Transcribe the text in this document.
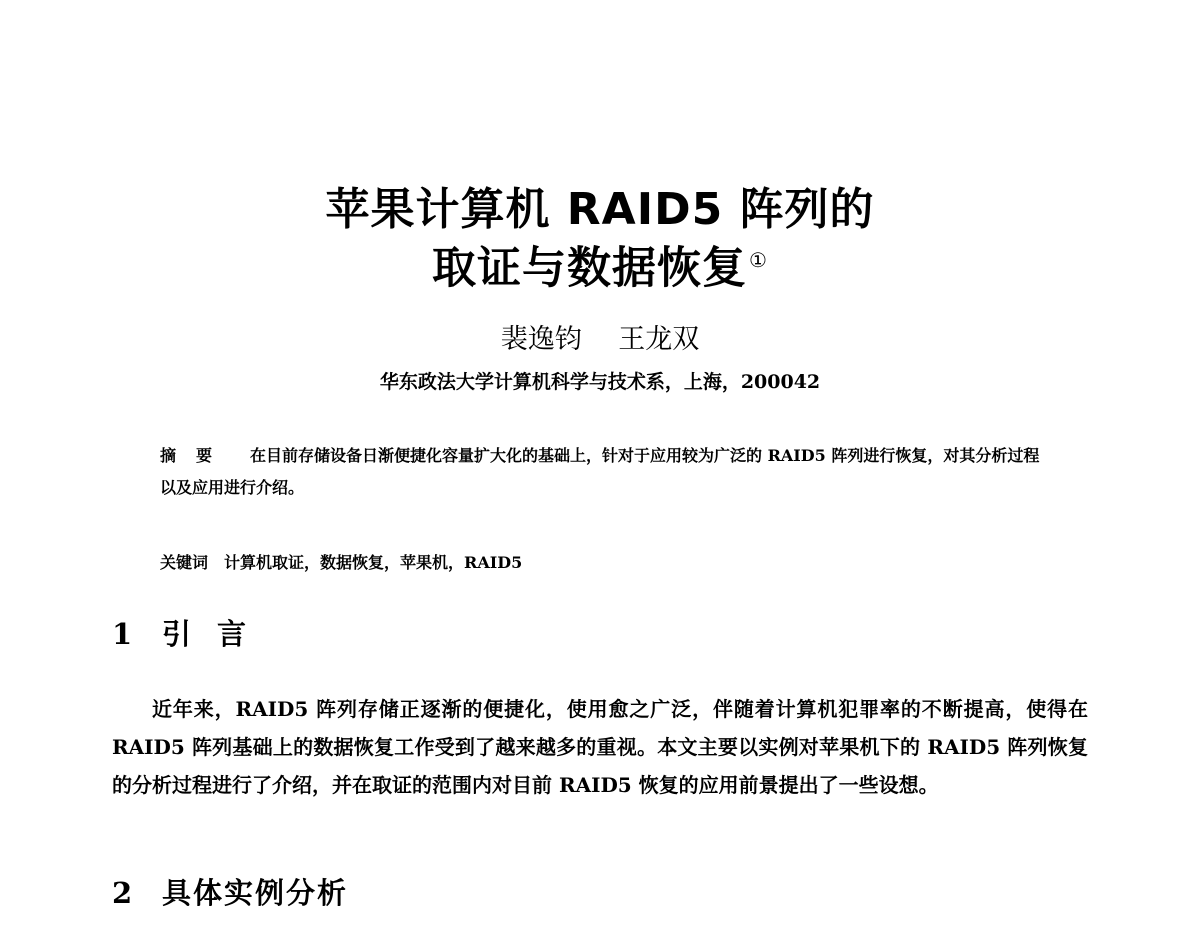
苹果计算机 RAID5 阵列的
取证与数据恢复 ①
裴逸钧 王龙双
华东政法大学计算机科学与技术系，上海，200042
摘要 在目前存储设备日渐便捷化容量扩大化的基础上，针对于应用较为广泛的 RAID5 阵列进行恢复，对其分析过程以及应用进行介绍。
关键词 计算机取证，数据恢复，苹果机，RAID5
1 引言

近年来，RAID5 阵列存储正逐渐的便捷化，使用愈之广泛，伴随着计算机犯罪率的不断提高，使得在 RAID5 阵列基础上的数据恢复工作受到了越来越多的重视。本文主要以实例对苹果机下的 RAID5 阵列恢复的分析过程进行了介绍，并在取证的范围内对目前 RAID5 恢复的应用前景提出了一些设想。

2 具体实例分析
